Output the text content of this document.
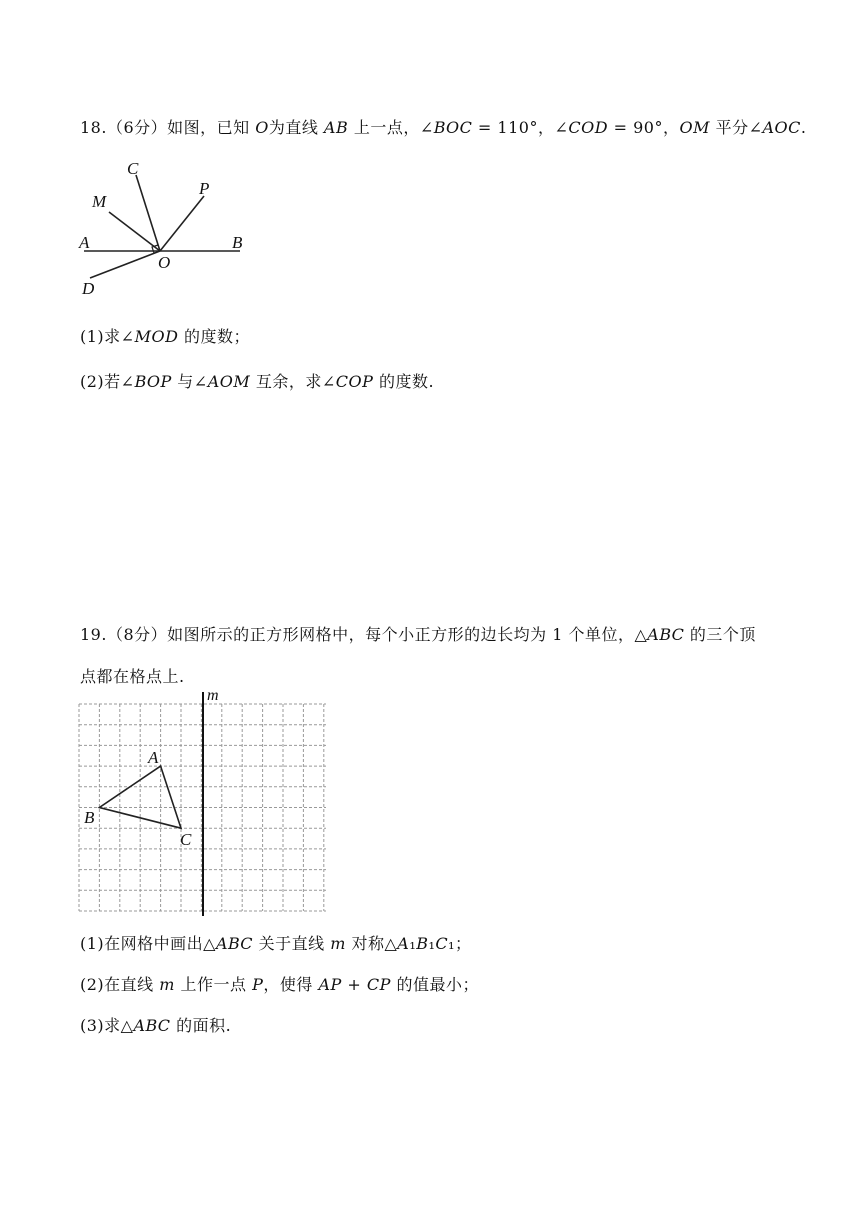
18.（6分）如图，已知 𝑂为直线 𝐴𝐵 上一点，∠𝐵𝑂𝐶 = 110°，∠𝐶𝑂𝐷 = 90°，𝑂𝑀 平分∠𝐴𝑂𝐶.
C
M
P
A	B
O
D
(1)求∠𝑀𝑂𝐷 的度数；
(2)若∠𝐵𝑂𝑃 与∠𝐴𝑂𝑀 互余，求∠𝐶𝑂𝑃 的度数.
19.（8分）如图所示的正方形网格中，每个小正方形的边长均为 1 个单位，△𝐴𝐵𝐶 的三个顶
点都在格点上.
m
A
B
C
(1)在网格中画出△𝐴𝐵𝐶 关于直线 𝑚 对称△𝐴₁𝐵₁𝐶₁；
(2)在直线 𝑚 上作一点 𝑃，使得 𝐴𝑃 + 𝐶𝑃 的值最小；
(3)求△𝐴𝐵𝐶 的面积.
